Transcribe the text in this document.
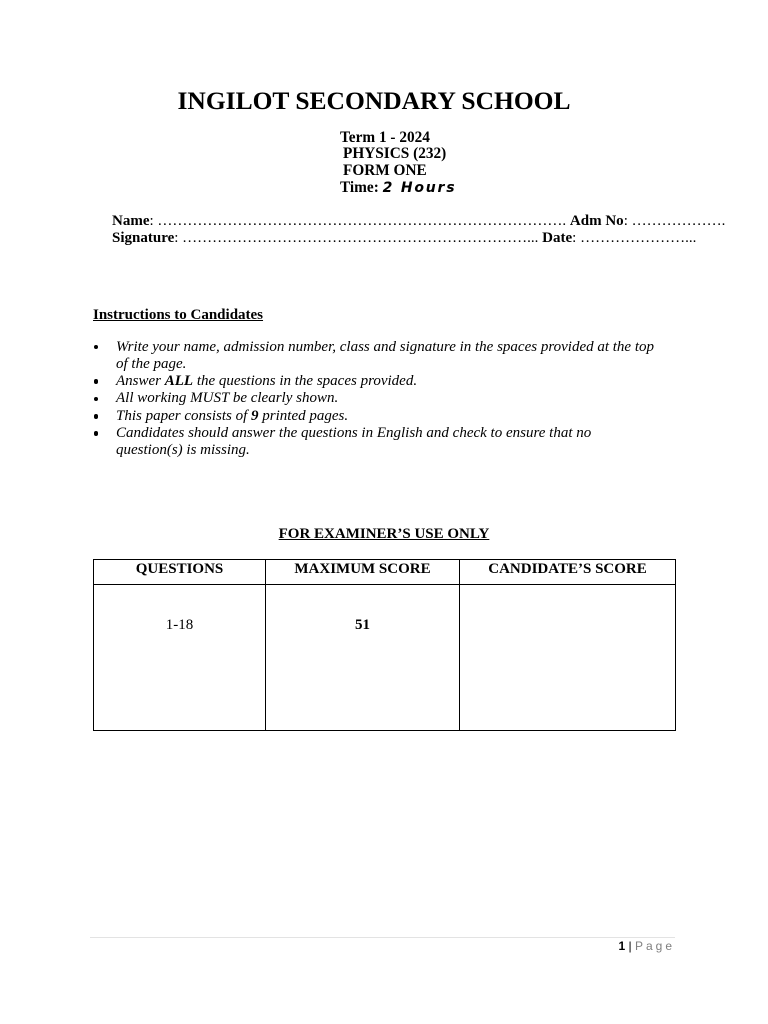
INGILOT SECONDARY SCHOOL
Term 1 - 2024
PHYSICS (232)
FORM ONE
Time: 2 Hours
Name: ………………………………………………………………………. Adm No: ……………….
Signature: ……………………………………………………………... Date: …………………...
Instructions to Candidates
Write your name, admission number, class and signature in the spaces provided at the top
of the page.
Answer ALL the questions in the spaces provided.
All working MUST be clearly shown.
This paper consists of 9 printed pages.
Candidates should answer the questions in English and check to ensure that no
question(s) is missing.
FOR EXAMINER’S USE ONLY
QUESTIONS	MAXIMUM SCORE	CANDIDATE’S SCORE
1-18	51
1 | Page
